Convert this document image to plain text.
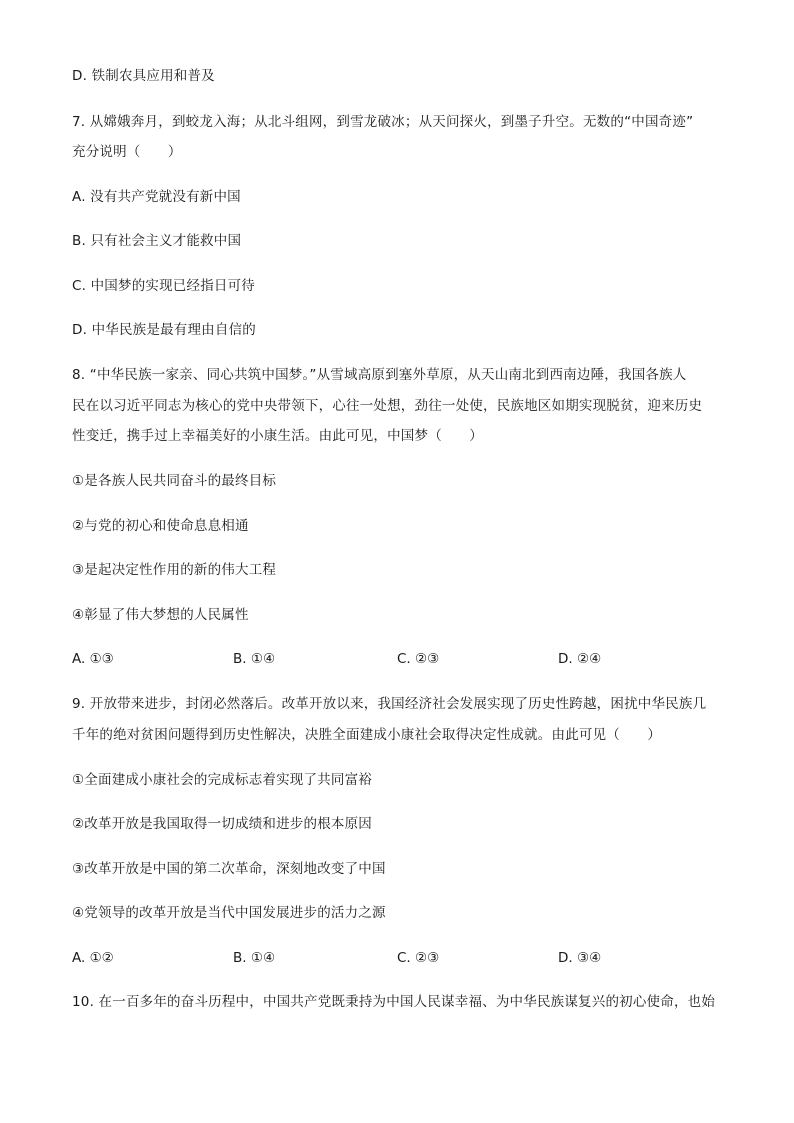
D. 铁制农具应用和普及
7. 从嫦娥奔月，到蛟龙入海；从北斗组网，到雪龙破冰；从天问探火，到墨子升空。无数的“中国奇迹”
充分说明（　　）
A. 没有共产党就没有新中国
B. 只有社会主义才能救中国
C. 中国梦的实现已经指日可待
D. 中华民族是最有理由自信的
8. “中华民族一家亲、同心共筑中国梦。”从雪域高原到塞外草原，从天山南北到西南边陲，我国各族人
民在以习近平同志为核心的党中央带领下，心往一处想，劲往一处使，民族地区如期实现脱贫，迎来历史
性变迁，携手过上幸福美好的小康生活。由此可见，中国梦（　　）
①是各族人民共同奋斗的最终目标
②与党的初心和使命息息相通
③是起决定性作用的新的伟大工程
④彰显了伟大梦想的人民属性
A. ①③	B. ①④	C. ②③	D. ②④
9. 开放带来进步，封闭必然落后。改革开放以来，我国经济社会发展实现了历史性跨越，困扰中华民族几
千年的绝对贫困问题得到历史性解决，决胜全面建成小康社会取得决定性成就。由此可见（　　）
①全面建成小康社会的完成标志着实现了共同富裕
②改革开放是我国取得一切成绩和进步的根本原因
③改革开放是中国的第二次革命，深刻地改变了中国
④党领导的改革开放是当代中国发展进步的活力之源
A. ①②	B. ①④	C. ②③	D. ③④
10. 在一百多年的奋斗历程中，中国共产党既秉持为中国人民谋幸福、为中华民族谋复兴的初心使命，也始
